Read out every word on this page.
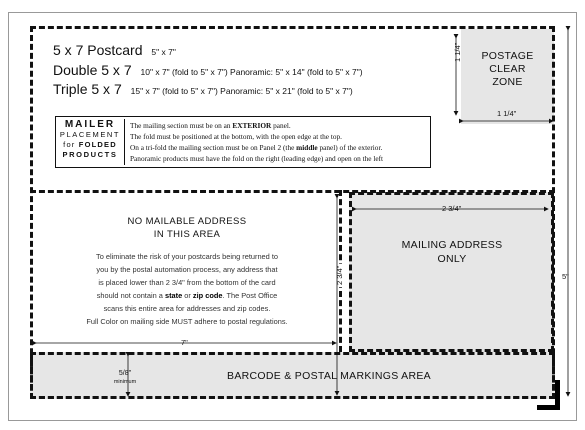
5 x 7 Postcard 5" x 7"
Double 5 x 7 10" x 7" (fold to 5" x 7") Panoramic: 5" x 14" (fold to 5" x 7")
Triple 5 x 7 15" x 7" (fold to 5" x 7") Panoramic: 5" x 21" (fold to 5" x 7")
POSTAGE
CLEAR
ZONE
1 1/4"
1 1/4"
MAILER
PLACEMENT
for FOLDED
PRODUCTS
The mailing section must be on an EXTERIOR panel.
The fold must be positioned at the bottom, with the open edge at the top.
On a tri-fold the mailing section must be on Panel 2 (the middle panel) of the exterior.
Panoramic products must have the fold on the right (leading edge) and open on the left
NO MAILABLE ADDRESS
IN THIS AREA
To eliminate the risk of your postcards being returned to
you by the postal automation process, any address that
is placed lower than 2 3/4" from the bottom of the card
should not contain a state or zip code. The Post Office
scans this entire area for addresses and zip codes.
Full Color on mailing side MUST adhere to postal regulations.
MAILING ADDRESS
ONLY
2 3/4"
2 3/4"
7"
5"
BARCODE & POSTAL MARKINGS AREA
5/8"
minimum
